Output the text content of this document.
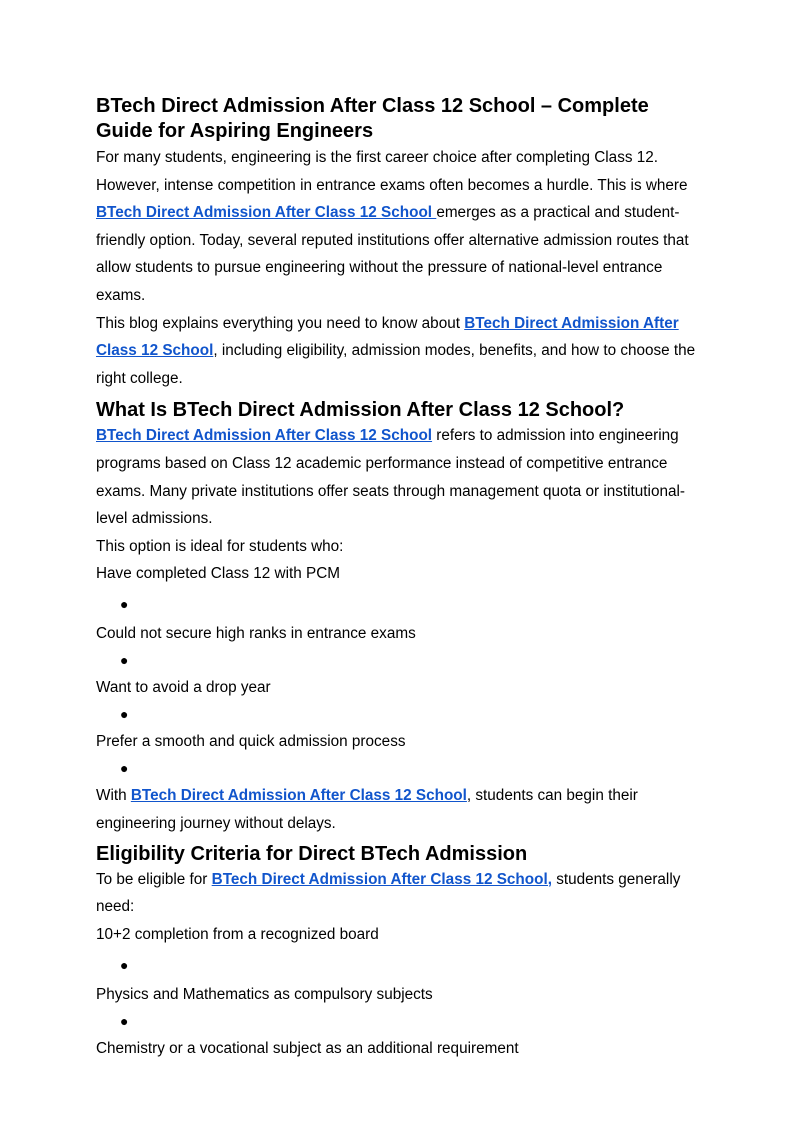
BTech Direct Admission After Class 12 School – Complete Guide for Aspiring Engineers

For many students, engineering is the first career choice after completing Class 12. However, intense competition in entrance exams often becomes a hurdle. This is where BTech Direct Admission After Class 12 School emerges as a practical and student-friendly option. Today, several reputed institutions offer alternative admission routes that allow students to pursue engineering without the pressure of national-level entrance exams.

This blog explains everything you need to know about BTech Direct Admission After Class 12 School, including eligibility, admission modes, benefits, and how to choose the right college.

What Is BTech Direct Admission After Class 12 School?

BTech Direct Admission After Class 12 School refers to admission into engineering programs based on Class 12 academic performance instead of competitive entrance exams. Many private institutions offer seats through management quota or institutional-level admissions.

This option is ideal for students who:

Have completed Class 12 with PCM

●

Could not secure high ranks in entrance exams

●

Want to avoid a drop year

●

Prefer a smooth and quick admission process

●

With BTech Direct Admission After Class 12 School, students can begin their engineering journey without delays.

Eligibility Criteria for Direct BTech Admission

To be eligible for BTech Direct Admission After Class 12 School, students generally need:

10+2 completion from a recognized board

●

Physics and Mathematics as compulsory subjects

●

Chemistry or a vocational subject as an additional requirement
